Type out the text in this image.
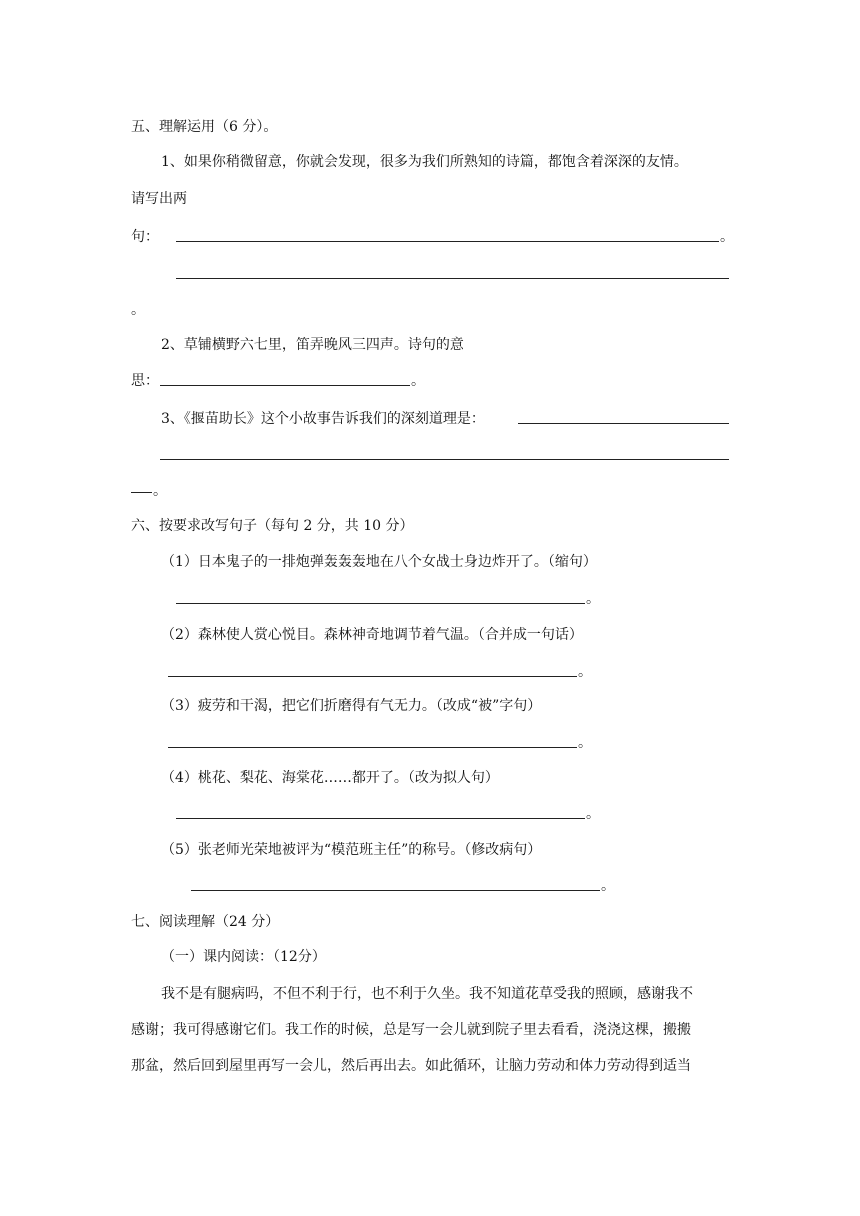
五、理解运用（6 分）。
1、如果你稍微留意，你就会发现，很多为我们所熟知的诗篇，都饱含着深深的友情。
请写出两
句：	。
。
2、草铺横野六七里，笛弄晚风三四声。诗句的意
思：	。
3、《揠苗助长》这个小故事告诉我们的深刻道理是：
。
六、按要求改写句子（每句 2 分，共 10 分）
（1）日本鬼子的一排炮弹轰轰轰地在八个女战士身边炸开了。（缩句）
。
（2）森林使人赏心悦目。森林神奇地调节着气温。（合并成一句话）
。
（3）疲劳和干渴，把它们折磨得有气无力。（改成“被”字句）
。
（4）桃花、梨花、海棠花……都开了。（改为拟人句）
。
（5）张老师光荣地被评为“模范班主任”的称号。（修改病句）
。
七、阅读理解（24 分）
（一）课内阅读：（12分）
我不是有腿病吗，不但不利于行，也不利于久坐。我不知道花草受我的照顾，感谢我不
感谢；我可得感谢它们。我工作的时候，总是写一会儿就到院子里去看看，浇浇这棵，搬搬
那盆，然后回到屋里再写一会儿，然后再出去。如此循环，让脑力劳动和体力劳动得到适当
